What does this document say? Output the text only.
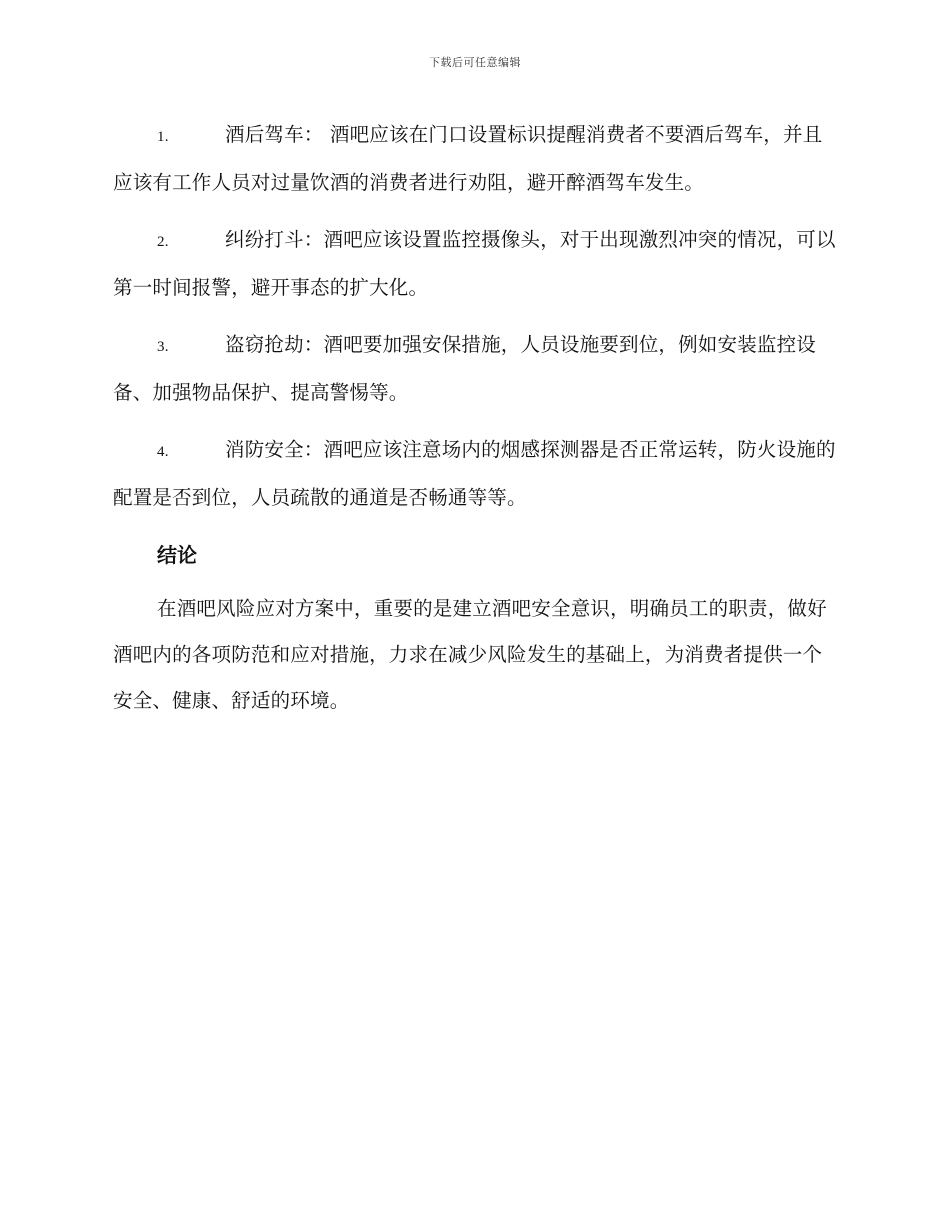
下载后可任意编辑

1.	酒后驾车： 酒吧应该在门口设置标识提醒消费者不要酒后驾车，并且应该有工作人员对过量饮酒的消费者进行劝阻，避开醉酒驾车发生。

2.	纠纷打斗：酒吧应该设置监控摄像头，对于出现激烈冲突的情况，可以第一时间报警，避开事态的扩大化。

3.	盗窃抢劫：酒吧要加强安保措施，人员设施要到位，例如安装监控设备、加强物品保护、提高警惕等。

4.	消防安全：酒吧应该注意场内的烟感探测器是否正常运转，防火设施的配置是否到位，人员疏散的通道是否畅通等等。

结论

在酒吧风险应对方案中，重要的是建立酒吧安全意识，明确员工的职责，做好酒吧内的各项防范和应对措施，力求在减少风险发生的基础上，为消费者提供一个安全、健康、舒适的环境。
